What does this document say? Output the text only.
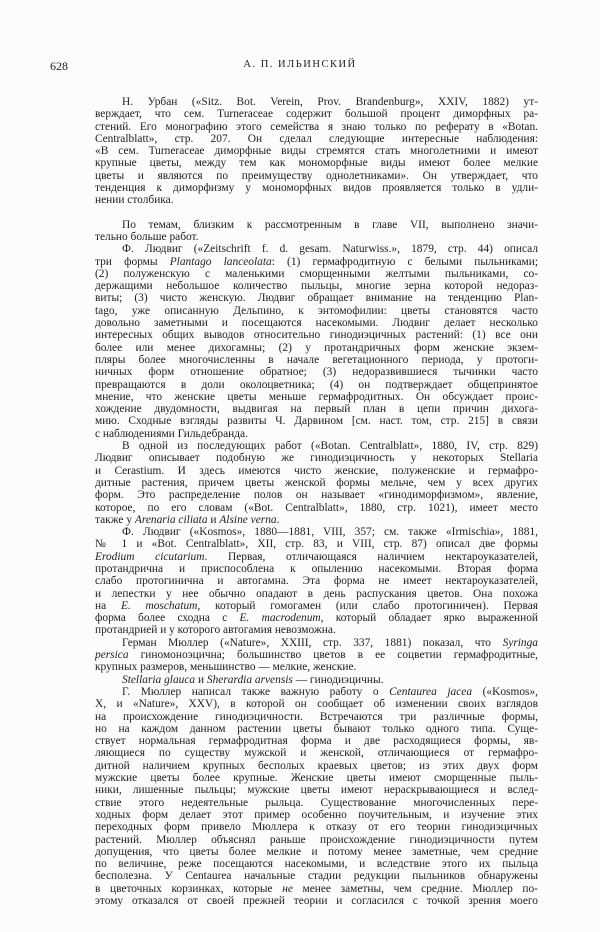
628	А. П. ИЛЬИНСКИЙ
Н. Урбан («Sitz. Bot. Verein, Prov. Brandenburg», XXIV, 1882) ут-
верждает, что сем. Turneraceae содержит большой процент диморфных ра-
стений. Его монографию этого семейства я знаю только по реферату в «Botan.
Centralblatt», стр. 207. Он сделал следующие интересные наблюдения:
«В сем. Turneraceae диморфные виды стремятся стать многолетними и имеют
крупные цветы, между тем как мономорфные виды имеют более мелкие
цветы и являются по преимуществу однолетниками». Он утверждает, что
тенденция к диморфизму у мономорфных видов проявляется только в удли-
нении столбика.
По темам, близким к рассмотренным в главе VII, выполнено значи-
тельно больше работ.
Ф. Людвиг («Zeitschrift f. d. gesam. Naturwiss.», 1879, стр. 44) описал
три формы Plantago lanceolata: (1) гермафродитную с белыми пыльниками;
(2) полуженскую с маленькими сморщенными желтыми пыльниками, со-
держащими небольшое количество пыльцы, многие зерна которой недораз-
виты; (3) чисто женскую. Людвиг обращает внимание на тенденцию Plan-
tago, уже описанную Дельпино, к энтомофилии: цветы становятся часто
довольно заметными и посещаются насекомыми. Людвиг делает несколько
интересных общих выводов относительно гинодиэцичных растений: (1) все они
более или менее дихогамны; (2) у протандричных форм женские экзем-
пляры более многочисленны в начале вегетационного периода, у протоги-
ничных форм отношение обратное; (3) недоразвившиеся тычинки часто
превращаются в доли околоцветника; (4) он подтверждает общепринятое
мнение, что женские цветы меньше гермафродитных. Он обсуждает проис-
хождение двудомности, выдвигая на первый план в цепи причин дихога-
мию. Сходные взгляды развиты Ч. Дарвином [см. наст. том, стр. 215] в связи
с наблюдениями Гильдебранда.
В одной из последующих работ («Botan. Centralblatt», 1880, IV, стр. 829)
Людвиг описывает подобную же гинодиэцичность у некоторых Stellaria
и Cerastium. И здесь имеются чисто женские, полуженские и гермафро-
дитные растения, причем цветы женской формы мельче, чем у всех других
форм. Это распределение полов он называет «гинодиморфизмом», явление,
которое, по его словам («Bot. Centralblatt», 1880, стр. 1021), имеет место
также у Arenaria ciliata и Alsine verna.
Ф. Людвиг («Kosmos», 1880—1881, VIII, 357; см. также «Irmischia», 1881,
№ 1 и «Bot. Centralblatt», XII, стр. 83, и VIII, стр. 87) описал две формы
Erodium cicutarium. Первая, отличающаяся наличием нектароуказателей,
протандрична и приспособлена к опылению насекомыми. Вторая форма
слабо протогинична и автогамна. Эта форма не имеет нектароуказателей,
и лепестки у нее обычно опадают в день распускания цветов. Она похожа
на E. moschatum, который гомогамен (или слабо протогиничен). Первая
форма более сходна с E. macrodenum, который обладает ярко выраженной
протандрией и у которого автогамия невозможна.
Герман Мюллер («Nature», XXIII, стр. 337, 1881) показал, что Syringa
persica гиномоноэцична; большинство цветов в ее соцветии гермафродитные,
крупных размеров, меньшинство — мелкие, женские.
Stellaria glauca и Sherardia arvensis — гинодиэцичны.
Г. Мюллер написал также важную работу о Centaurea jacea («Kosmos»,
X, и «Nature», XXV), в которой он сообщает об изменении своих взглядов
на происхождение гинодиэцичности. Встречаются три различные формы,
но на каждом данном растении цветы бывают только одного типа. Суще-
ствует нормальная гермафродитная форма и две расходящиеся формы, яв-
ляющиеся по существу мужской и женской, отличающиеся от гермафро-
дитной наличием крупных бесполых краевых цветов; из этих двух форм
мужские цветы более крупные. Женские цветы имеют сморщенные пыль-
ники, лишенные пыльцы; мужские цветы имеют нераскрывающиеся и вслед-
ствие этого недеятельные рыльца. Существование многочисленных пере-
ходных форм делает этот пример особенно поучительным, и изучение этих
переходных форм привело Мюллера к отказу от его теории гинодиэцичных
растений. Мюллер объяснял раньше происхождение гинодиэцичности путем
допущения, что цветы более мелкие и потому менее заметные, чем средние
по величине, реже посещаются насекомыми, и вследствие этого их пыльца
бесполезна. У Centaurea начальные стадии редукции пыльников обнаружены
в цветочных корзинках, которые не менее заметны, чем средние. Мюллер по-
этому отказался от своей прежней теории и согласился с точкой зрения моего
